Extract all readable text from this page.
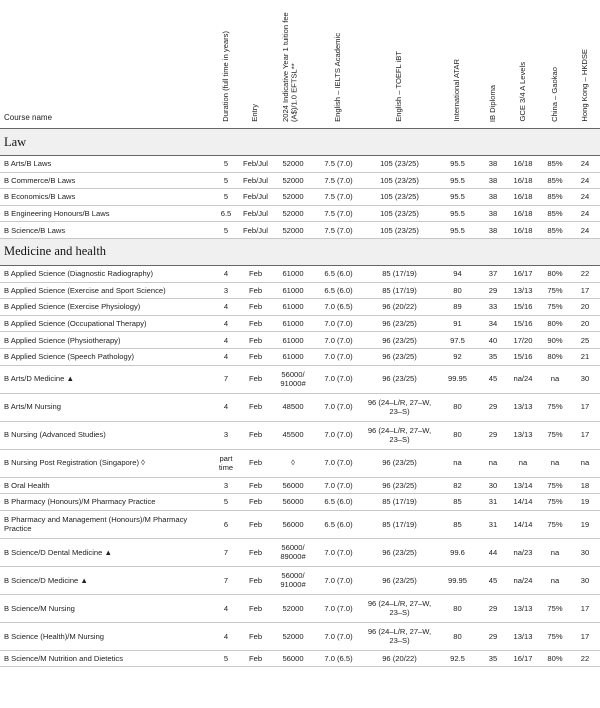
Course name	Duration (full time in years)	Entry	2024 Indicative Year 1 tuition fee (A$)/1.0 EFTSL**	English – IELTS Academic	English – TOEFL iBT	International ATAR	IB Diploma	GCE 3/4 A Levels	China – Gaokao	Hong Kong – HKDSE

Law										
B Arts/B Laws	5	Feb/Jul	52000	7.5 (7.0)	105 (23/25)	95.5	38	16/18	85%	24
B Commerce/B Laws	5	Feb/Jul	52000	7.5 (7.0)	105 (23/25)	95.5	38	16/18	85%	24
B Economics/B Laws	5	Feb/Jul	52000	7.5 (7.0)	105 (23/25)	95.5	38	16/18	85%	24
B Engineering Honours/B Laws	6.5	Feb/Jul	52000	7.5 (7.0)	105 (23/25)	95.5	38	16/18	85%	24
B Science/B Laws	5	Feb/Jul	52000	7.5 (7.0)	105 (23/25)	95.5	38	16/18	85%	24
Medicine and health										
B Applied Science (Diagnostic Radiography)	4	Feb	61000	6.5 (6.0)	85 (17/19)	94	37	16/17	80%	22
B Applied Science (Exercise and Sport Science)	3	Feb	61000	6.5 (6.0)	85 (17/19)	80	29	13/13	75%	17
B Applied Science (Exercise Physiology)	4	Feb	61000	7.0 (6.5)	96 (20/22)	89	33	15/16	75%	20
B Applied Science (Occupational Therapy)	4	Feb	61000	7.0 (7.0)	96 (23/25)	91	34	15/16	80%	20
B Applied Science (Physiotherapy)	4	Feb	61000	7.0 (7.0)	96 (23/25)	97.5	40	17/20	90%	25
B Applied Science (Speech Pathology)	4	Feb	61000	7.0 (7.0)	96 (23/25)	92	35	15/16	80%	21
B Arts/D Medicine ▲	7	Feb	56000/ 91000#	7.0 (7.0)	96 (23/25)	99.95	45	na/24	na	30
B Arts/M Nursing	4	Feb	48500	7.0 (7.0)	96 (24–L/R, 27–W, 23–S)	80	29	13/13	75%	17
B Nursing (Advanced Studies)	3	Feb	45500	7.0 (7.0)	96 (24–L/R, 27–W, 23–S)	80	29	13/13	75%	17
B Nursing Post Registration (Singapore) ◊	part time	Feb	◊	7.0 (7.0)	96 (23/25)	na	na	na	na	na
B Oral Health	3	Feb	56000	7.0 (7.0)	96 (23/25)	82	30	13/14	75%	18
B Pharmacy (Honours)/M Pharmacy Practice	5	Feb	56000	6.5 (6.0)	85 (17/19)	85	31	14/14	75%	19
B Pharmacy and Management (Honours)/M Pharmacy Practice	6	Feb	56000	6.5 (6.0)	85 (17/19)	85	31	14/14	75%	19
B Science/D Dental Medicine ▲	7	Feb	56000/ 89000#	7.0 (7.0)	96 (23/25)	99.6	44	na/23	na	30
B Science/D Medicine ▲	7	Feb	56000/ 91000#	7.0 (7.0)	96 (23/25)	99.95	45	na/24	na	30
B Science/M Nursing	4	Feb	52000	7.0 (7.0)	96 (24–L/R, 27–W, 23–S)	80	29	13/13	75%	17
B Science (Health)/M Nursing	4	Feb	52000	7.0 (7.0)	96 (24–L/R, 27–W, 23–S)	80	29	13/13	75%	17
B Science/M Nutrition and Dietetics	5	Feb	56000	7.0 (6.5)	96 (20/22)	92.5	35	16/17	80%	22
